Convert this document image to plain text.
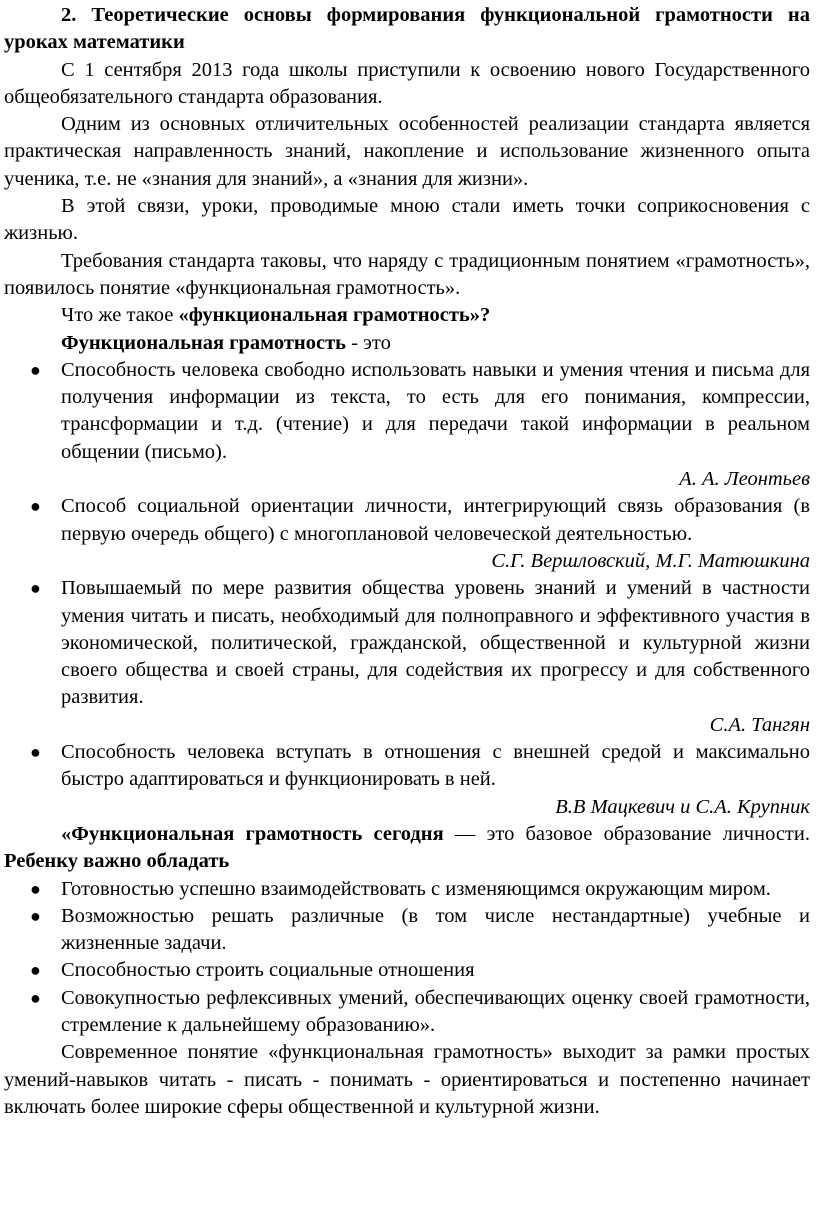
2. Теоретические основы формирования функциональной грамотности на уроках математики

С 1 сентября 2013 года школы приступили к освоению нового Государственного общеобязательного стандарта образования.

Одним из основных отличительных особенностей реализации стандарта является практическая направленность знаний, накопление и использование жизненного опыта ученика, т.е. не «знания для знаний», а «знания для жизни».

В этой связи, уроки, проводимые мною стали иметь точки соприкосновения с жизнью.

Требования стандарта таковы, что наряду с традиционным понятием «грамотность», появилось понятие «функциональная грамотность».

Что же такое «функциональная грамотность»?

Функциональная грамотность - это

● Способность человека свободно использовать навыки и умения чтения и письма для получения информации из текста, то есть для его понимания, компрессии, трансформации и т.д. (чтение) и для передачи такой информации в реальном общении (письмо).

А. А. Леонтьев

● Способ социальной ориентации личности, интегрирующий связь образования (в первую очередь общего) с многоплановой человеческой деятельностью.

С.Г. Вершловский, М.Г. Матюшкина

● Повышаемый по мере развития общества уровень знаний и умений в частности умения читать и писать, необходимый для полноправного и эффективного участия в экономической, политической, гражданской, общественной и культурной жизни своего общества и своей страны, для содействия их прогрессу и для собственного развития.

С.А. Тангян

● Способность человека вступать в отношения с внешней средой и максимально быстро адаптироваться и функционировать в ней.

В.В Мацкевич и С.А. Крупник

«Функциональная грамотность сегодня –– это базовое образование личности. Ребенку важно обладать

● Готовностью успешно взаимодействовать с изменяющимся окружающим миром.
● Возможностью решать различные (в том числе нестандартные) учебные и жизненные задачи.
● Способностью строить социальные отношения
● Совокупностью рефлексивных умений, обеспечивающих оценку своей грамотности, стремление к дальнейшему образованию».

Современное понятие «функциональная грамотность» выходит за рамки простых умений-навыков читать - писать - понимать - ориентироваться и постепенно начинает включать более широкие сферы общественной и культурной жизни.
